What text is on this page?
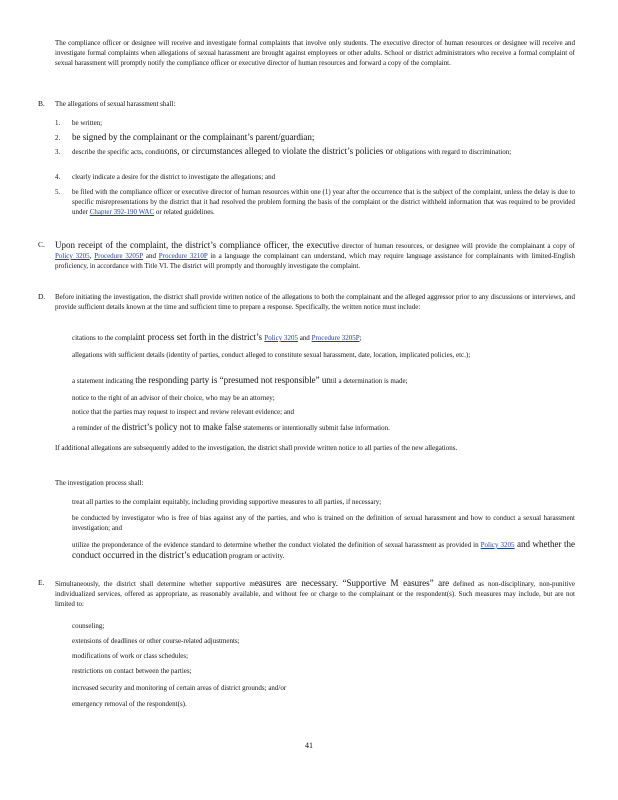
The compliance officer or designee will receive and investigate formal complaints that involve only students. The executive director of human resources or designee will receive and investigate formal complaints when allegations of sexual harassment are brought against employees or other adults. School or district administrators who receive a formal complaint of sexual harassment will promptly notify the compliance officer or executive director of human resources and forward a copy of the complaint.

B. The allegations of sexual harassment shall:

1. be written;

2. be signed by the complainant or the complainant’s parent/guardian;

3. describe the specific acts, conditions, or circumstances alleged to violate the district’s policies or obligations with regard to discrimination;

4. clearly indicate a desire for the district to investigate the allegations; and

5. be filed with the compliance officer or executive director of human resources within one (1) year after the occurrence that is the subject of the complaint, unless the delay is due to specific misrepresentations by the district that it had resolved the problem forming the basis of the complaint or the district withheld information that was required to be provided under Chapter 392-190 WAC or related guidelines.

C. Upon receipt of the complaint, the district’s compliance officer, the executive director of human resources, or designee will provide the complainant a copy of Policy 3205, Procedure 3205P and Procedure 3210P in a language the complainant can understand, which may require language assistance for complainants with limited-English proficiency, in accordance with Title VI. The district will promptly and thoroughly investigate the complaint.

D. Before initiating the investigation, the district shall provide written notice of the allegations to both the complainant and the alleged aggressor prior to any discussions or interviews, and provide sufficient details known at the time and sufficient time to prepare a response. Specifically, the written notice must include:

citations to the complaint process set forth in the district’s Policy 3205 and Procedure 3205P;

allegations with sufficient details (identity of parties, conduct alleged to constitute sexual harassment, date, location, implicated policies, etc.);

a statement indicating the responding party is “presumed not responsible” until a determination is made;

notice to the right of an advisor of their choice, who may be an attorney;

notice that the parties may request to inspect and review relevant evidence; and

a reminder of the district’s policy not to make false statements or intentionally submit false information.

If additional allegations are subsequently added to the investigation, the district shall provide written notice to all parties of the new allegations.

The investigation process shall:

treat all parties to the complaint equitably, including providing supportive measures to all parties, if necessary;

be conducted by investigator who is free of bias against any of the parties, and who is trained on the definition of sexual harassment and how to conduct a sexual harassment investigation; and

utilize the preponderance of the evidence standard to determine whether the conduct violated the definition of sexual harassment as provided in Policy 3205 and whether the conduct occurred in the district’s education program or activity.

E. Simultaneously, the district shall determine whether supportive measures are necessary. “Supportive M easures” are defined as non-disciplinary, non-punitive individualized services, offered as appropriate, as reasonably available, and without fee or charge to the complainant or the respondent(s). Such measures may include, but are not limited to:

counseling;

extensions of deadlines or other course-related adjustments;

modifications of work or class schedules;

restrictions on contact between the parties;

increased security and monitoring of certain areas of district grounds; and/or

emergency removal of the respondent(s).

41
